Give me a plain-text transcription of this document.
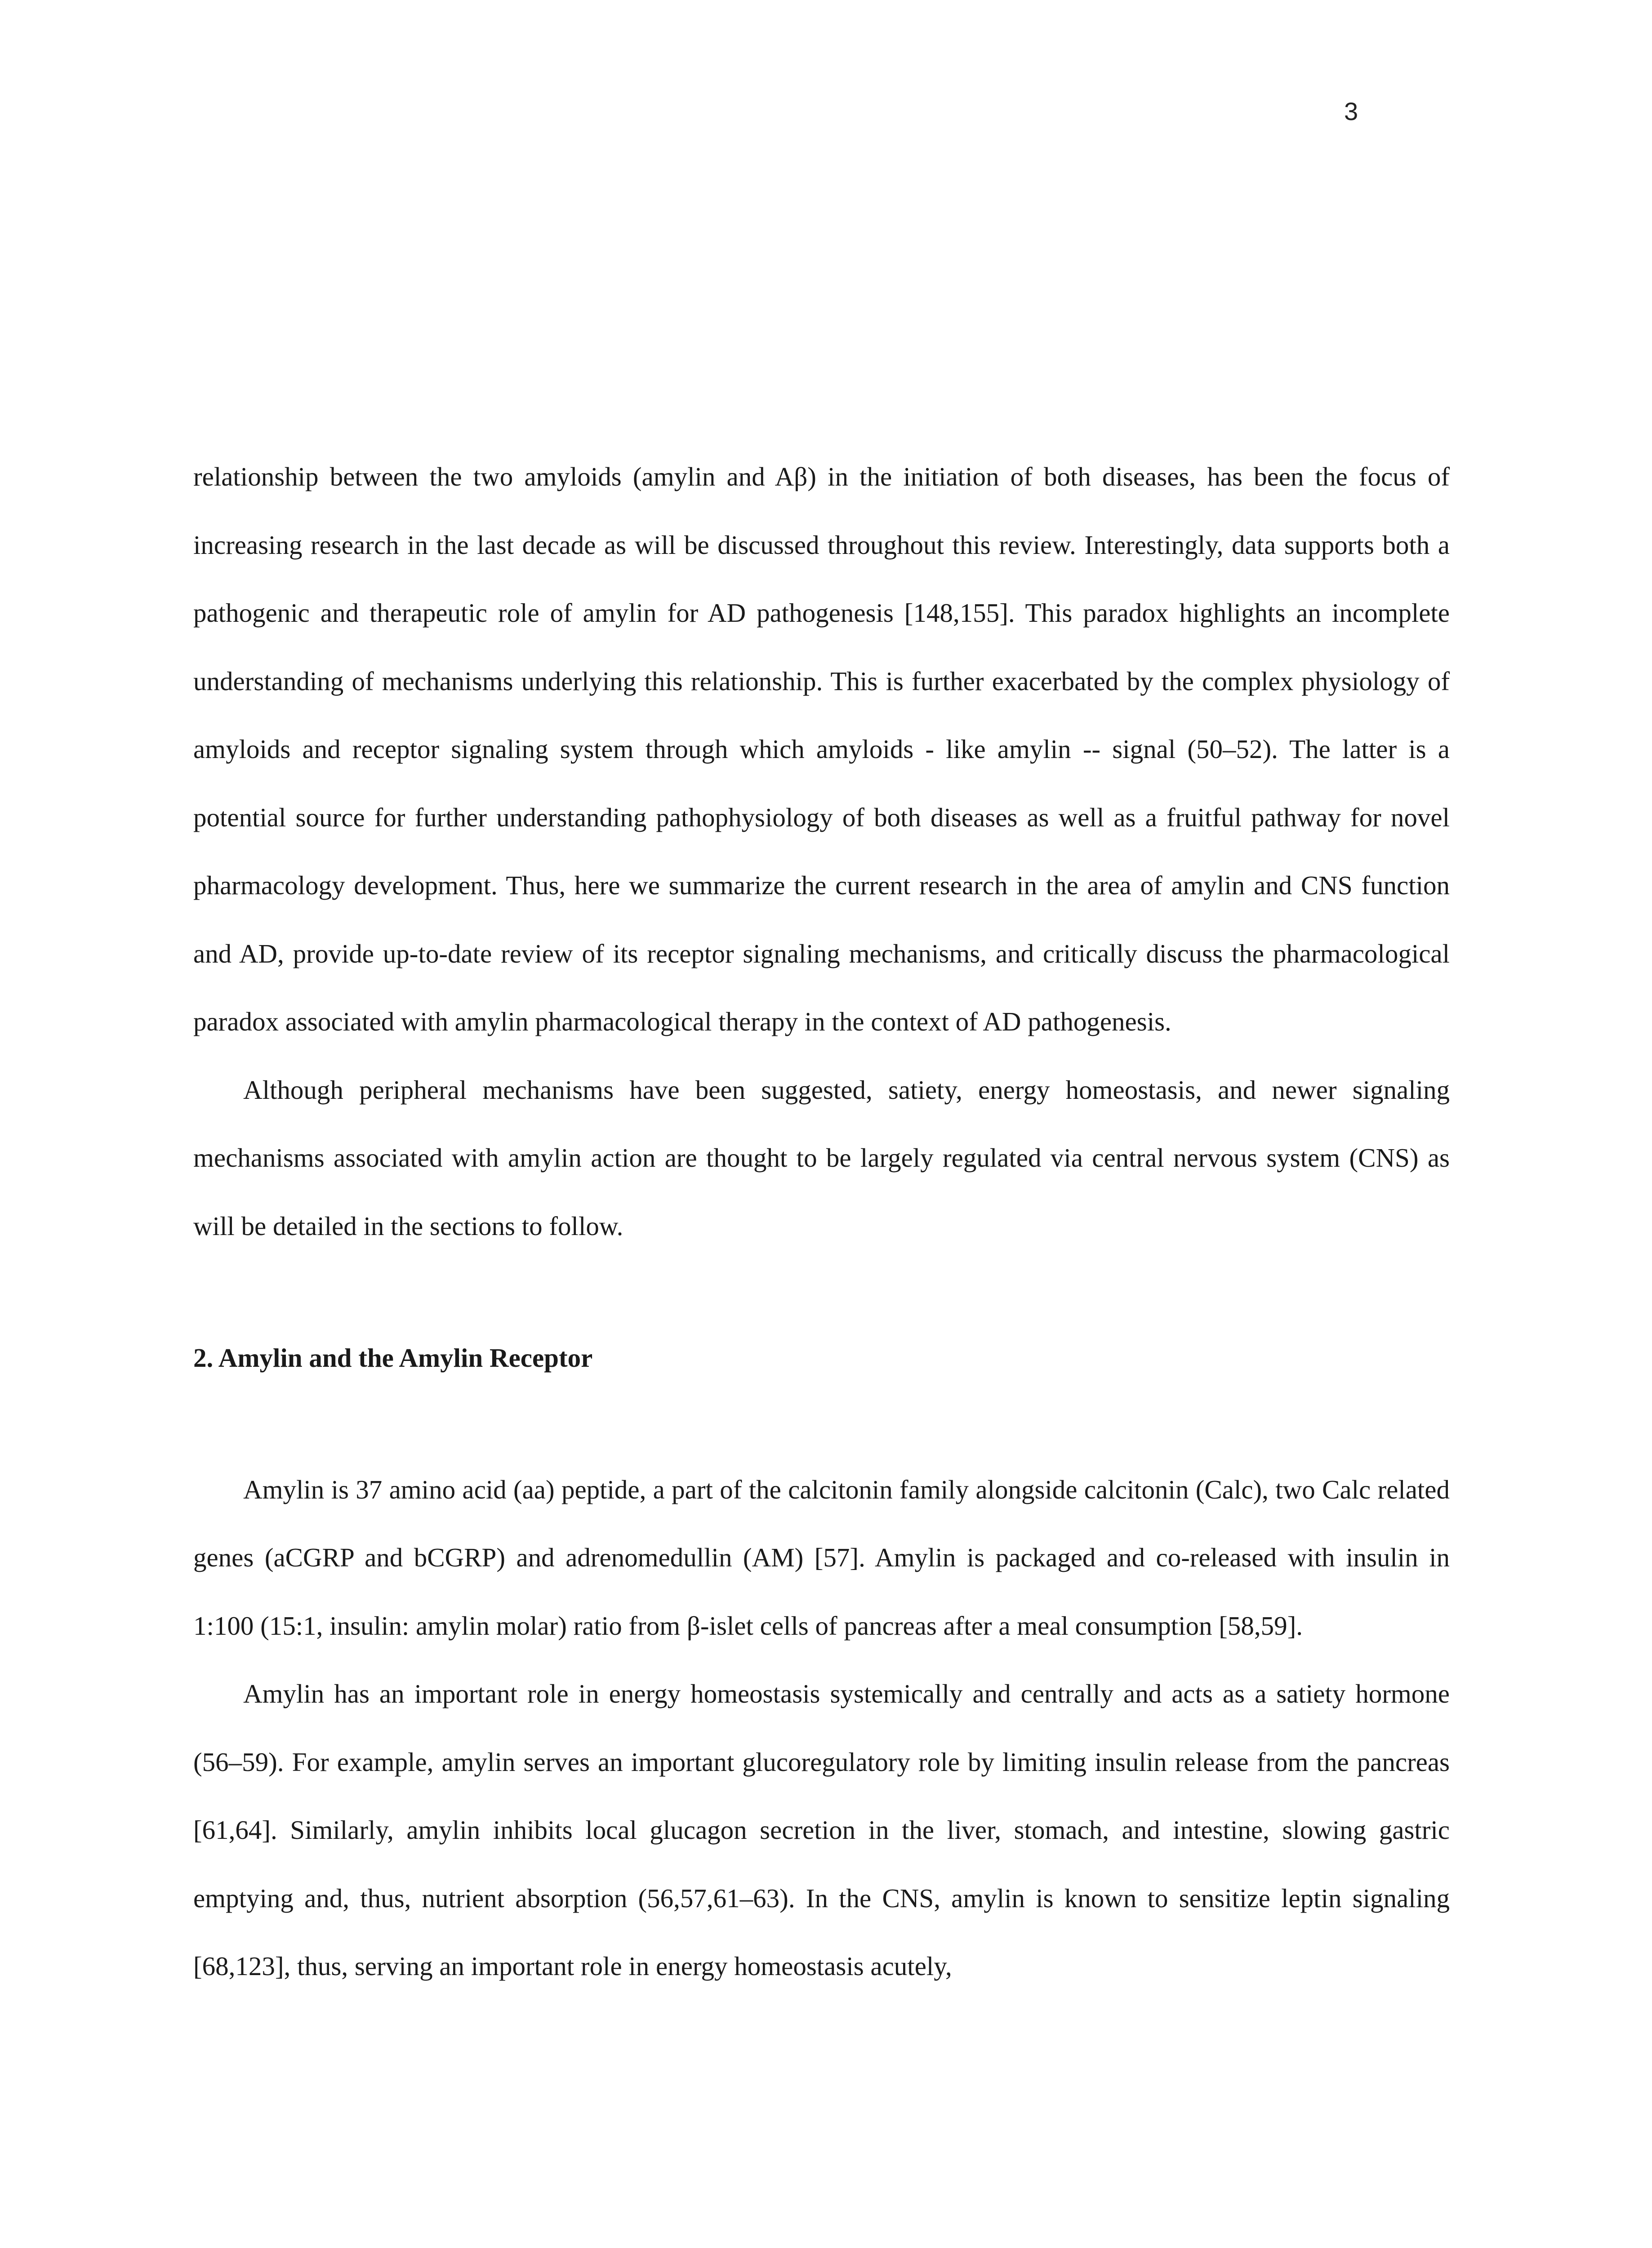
3

relationship between the two amyloids (amylin and Aβ) in the initiation of both diseases, has been the focus of increasing research in the last decade as will be discussed throughout this review. Interestingly, data supports both a pathogenic and therapeutic role of amylin for AD pathogenesis [148,155]. This paradox highlights an incomplete understanding of mechanisms underlying this relationship. This is further exacerbated by the complex physiology of amyloids and receptor signaling system through which amyloids - like amylin -- signal (50–52). The latter is a potential source for further understanding pathophysiology of both diseases as well as a fruitful pathway for novel pharmacology development. Thus, here we summarize the current research in the area of amylin and CNS function and AD, provide up-to-date review of its receptor signaling mechanisms, and critically discuss the pharmacological paradox associated with amylin pharmacological therapy in the context of AD pathogenesis.

Although peripheral mechanisms have been suggested, satiety, energy homeostasis, and newer signaling mechanisms associated with amylin action are thought to be largely regulated via central nervous system (CNS) as will be detailed in the sections to follow.

2. Amylin and the Amylin Receptor

Amylin is 37 amino acid (aa) peptide, a part of the calcitonin family alongside calcitonin (Calc), two Calc related genes (aCGRP and bCGRP) and adrenomedullin (AM) [57]. Amylin is packaged and co-released with insulin in 1:100 (15:1, insulin: amylin molar) ratio from β-islet cells of pancreas after a meal consumption [58,59].

Amylin has an important role in energy homeostasis systemically and centrally and acts as a satiety hormone (56–59). For example, amylin serves an important glucoregulatory role by limiting insulin release from the pancreas [61,64]. Similarly, amylin inhibits local glucagon secretion in the liver, stomach, and intestine, slowing gastric emptying and, thus, nutrient absorption (56,57,61–63). In the CNS, amylin is known to sensitize leptin signaling [68,123], thus, serving an important role in energy homeostasis acutely,
